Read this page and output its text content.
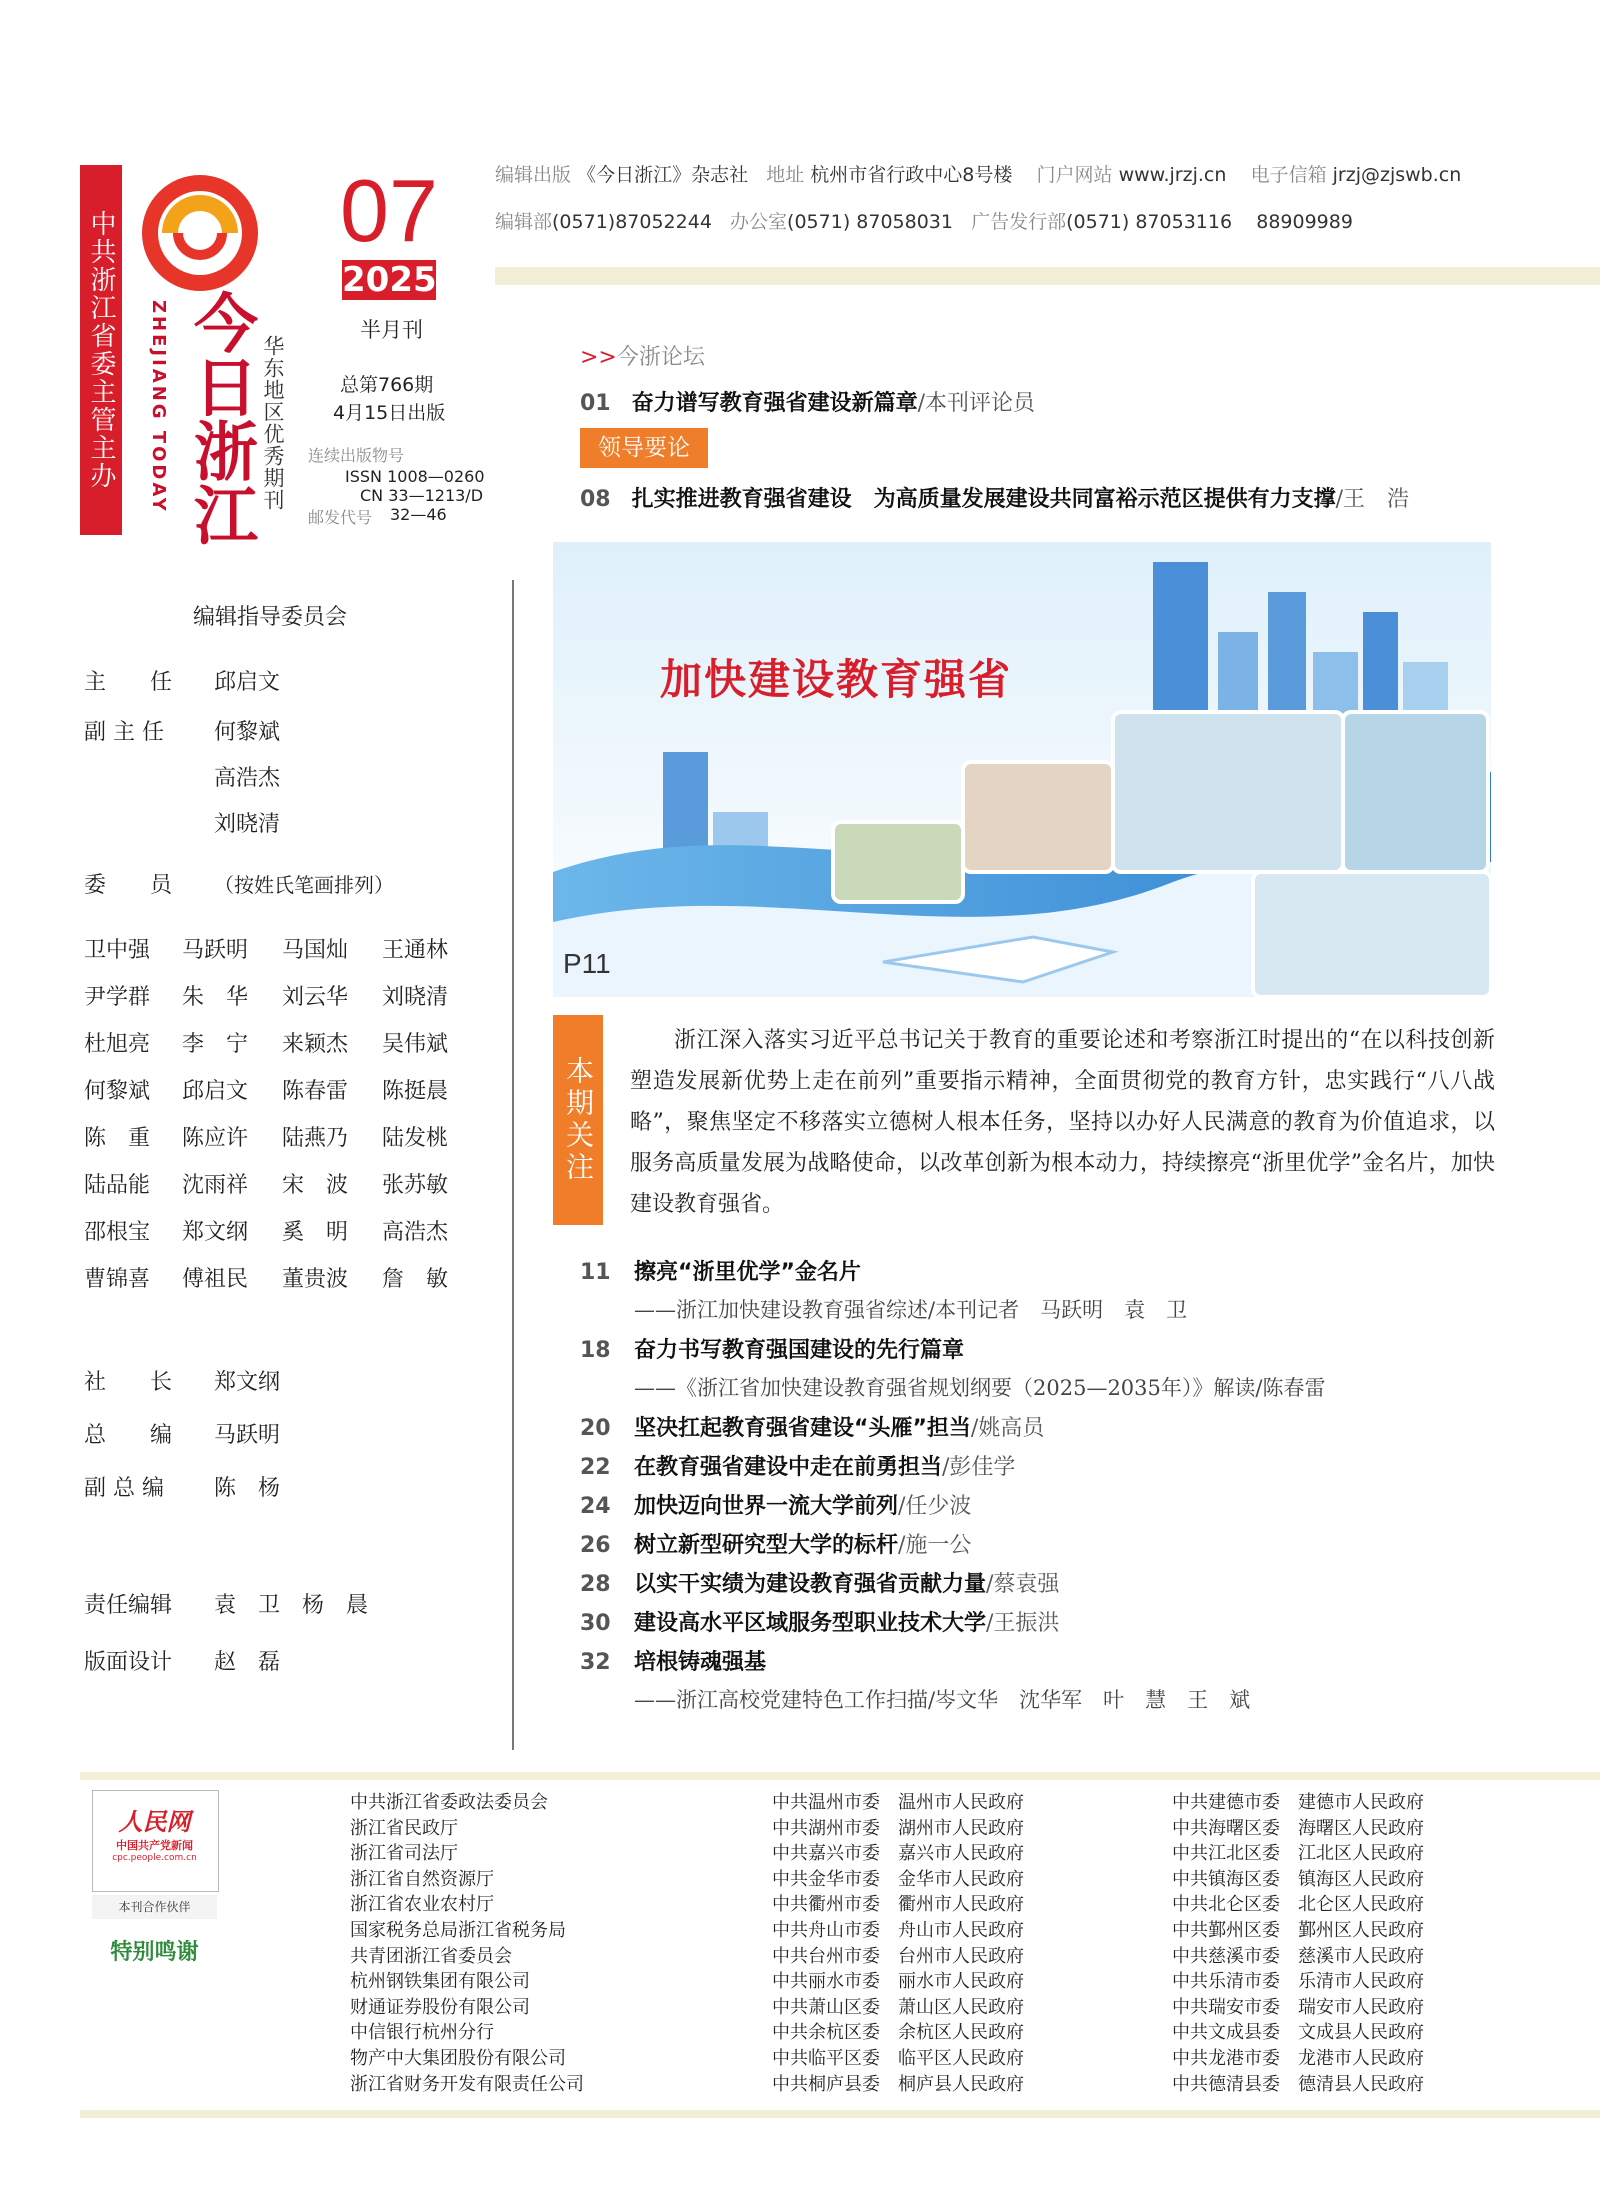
中共浙江省委主管主办 今日浙江
ZHEJIANG TODAY	华东地区优秀期刊
07
2025
半月刊
总第766期
4月15日出版
连续出版物号
ISSN 1008—0260
CN 33—1213/D
邮发代号 32—46
编辑出版 《今日浙江》杂志社 地址 杭州市省行政中心8号楼 门户网站 www.jrzj.cn 电子信箱 jrzj@zjswb.cn
编辑部(0571)87052244 办公室(0571) 87058031 广告发行部(0571) 87053116 88909989
编辑指导委员会
主　　任 邱启文
副 主 任 何黎斌
高浩杰
刘晓清
委　　员 （按姓氏笔画排列）
卫中强	马跃明	马国灿	王通林
尹学群	朱　华	刘云华	刘晓清
杜旭亮	李　宁	来颖杰	吴伟斌
何黎斌	邱启文	陈春雷	陈挺晨
陈　重	陈应许	陆燕乃	陆发桃
陆品能	沈雨祥	宋　波	张苏敏
邵根宝	郑文纲	奚　明	高浩杰
曹锦喜	傅祖民	董贵波	詹　敏
社　　长 郑文纲
总　　编 马跃明
副 总 编 陈　杨
责任编辑 袁　卫　杨　晨
版面设计 赵　磊
>>今浙论坛
01 奋力谱写教育强省建设新篇章/本刊评论员
领导要论
08 扎实推进教育强省建设　为高质量发展建设共同富裕示范区提供有力支撑/王　浩
加快建设教育强省
P11
本期关注
浙江深入落实习近平总书记关于教育的重要论述和考察浙江时提出的“在以科技创新塑造发展新优势上走在前列”重要指示精神，全面贯彻党的教育方针，忠实践行“八八战略”，聚焦坚定不移落实立德树人根本任务，坚持以办好人民满意的教育为价值追求，以服务高质量发展为战略使命，以改革创新为根本动力，持续擦亮“浙里优学”金名片，加快建设教育强省。
11 擦亮“浙里优学”金名片
——浙江加快建设教育强省综述/本刊记者　马跃明　袁　卫
18 奋力书写教育强国建设的先行篇章
——《浙江省加快建设教育强省规划纲要（2025—2035年）》解读/陈春雷
20 坚决扛起教育强省建设“头雁”担当/姚高员
22 在教育强省建设中走在前勇担当/彭佳学
24 加快迈向世界一流大学前列/任少波
26 树立新型研究型大学的标杆/施一公
28 以实干实绩为建设教育强省贡献力量/蔡袁强
30 建设高水平区域服务型职业技术大学/王振洪
32 培根铸魂强基
——浙江高校党建特色工作扫描/岑文华　沈华军　叶　慧　王　斌
人民网
中国共产党新闻
cpc.people.com.cn
本刊合作伙伴
特别鸣谢
中共浙江省委政法委员会
浙江省民政厅
浙江省司法厅
浙江省自然资源厅
浙江省农业农村厅
国家税务总局浙江省税务局
共青团浙江省委员会
杭州钢铁集团有限公司
财通证券股份有限公司
中信银行杭州分行
物产中大集团股份有限公司
浙江省财务开发有限责任公司
中共温州市委　温州市人民政府
中共湖州市委　湖州市人民政府
中共嘉兴市委　嘉兴市人民政府
中共金华市委　金华市人民政府
中共衢州市委　衢州市人民政府
中共舟山市委　舟山市人民政府
中共台州市委　台州市人民政府
中共丽水市委　丽水市人民政府
中共萧山区委　萧山区人民政府
中共余杭区委　余杭区人民政府
中共临平区委　临平区人民政府
中共桐庐县委　桐庐县人民政府
中共建德市委　建德市人民政府
中共海曙区委　海曙区人民政府
中共江北区委　江北区人民政府
中共镇海区委　镇海区人民政府
中共北仑区委　北仑区人民政府
中共鄞州区委　鄞州区人民政府
中共慈溪市委　慈溪市人民政府
中共乐清市委　乐清市人民政府
中共瑞安市委　瑞安市人民政府
中共文成县委　文成县人民政府
中共龙港市委　龙港市人民政府
中共德清县委　德清县人民政府
